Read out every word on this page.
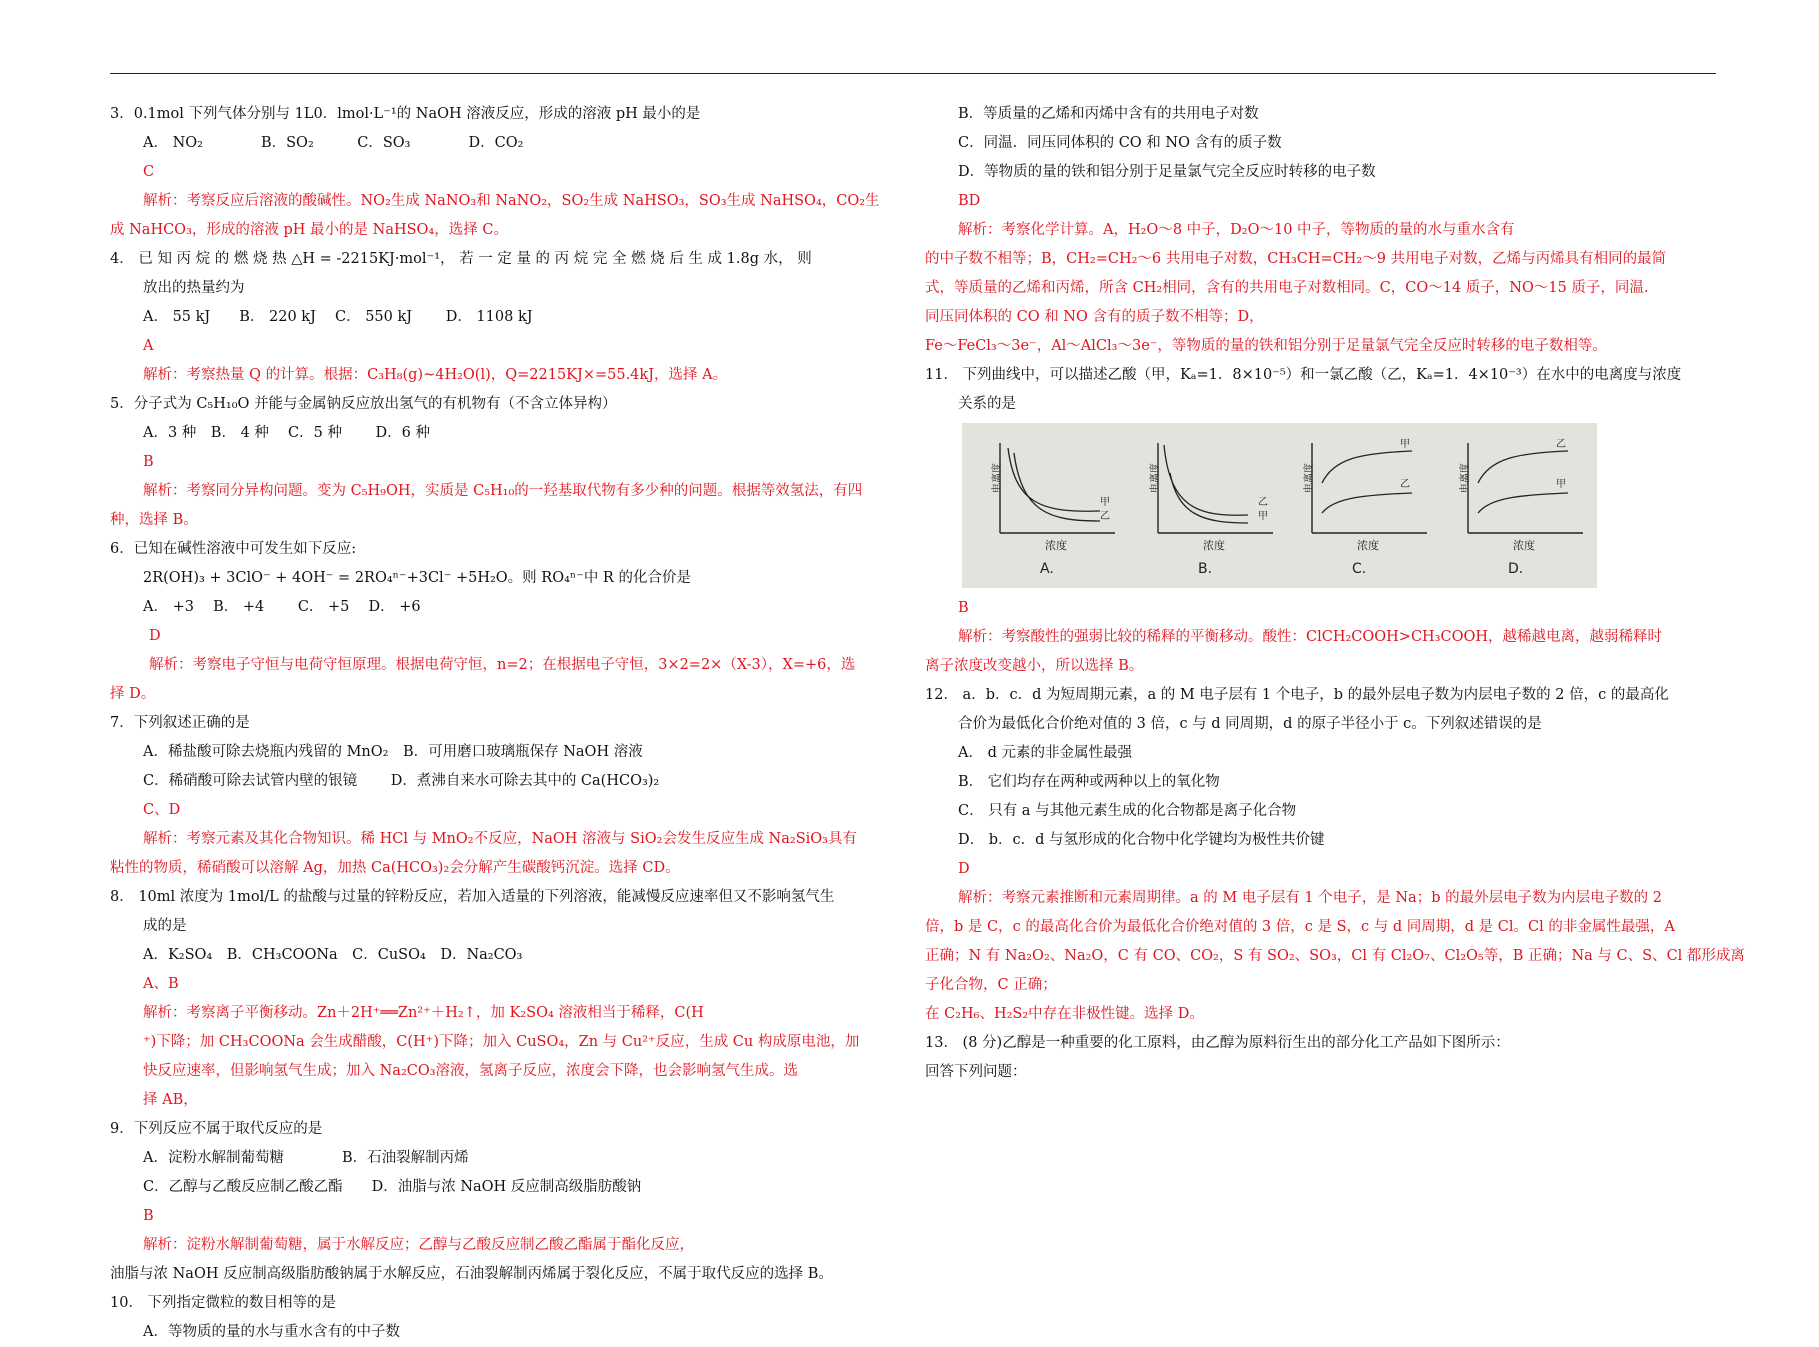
3．0.1mol 下列气体分别与 1L0．lmol·L⁻¹的 NaOH 溶液反应，形成的溶液 pH 最小的是
A． NO₂　　　　B．SO₂　　　C．SO₃　　　　D．CO₂
C
解析：考察反应后溶液的酸碱性。NO₂生成 NaNO₃和 NaNO₂，SO₂生成 NaHSO₃，SO₃生成 NaHSO₄，CO₂生
成 NaHCO₃，形成的溶液 pH 最小的是 NaHSO₄，选择 C。
4． 已 知 丙 烷 的 燃 烧 热 △H = -2215KJ·mol⁻¹， 若 一 定 量 的 丙 烷 完 全 燃 烧 后 生 成 1.8g 水， 则
放出的热量约为
A． 55 kJ　　B． 220 kJ　 C． 550 kJ　　 D． 1108 kJ
A
解析：考察热量 Q 的计算。根据：C₃H₈(g)~4H₂O(l)，Q=2215KJ×=55.4kJ，选择 A。
5．分子式为 C₅H₁₀O 并能与金属钠反应放出氢气的有机物有（不含立体异构）
A．3 种　B． 4 种　 C．5 种　　 D．6 种
B
解析：考察同分异构问题。变为 C₅H₉OH，实质是 C₅H₁₀的一羟基取代物有多少种的问题。根据等效氢法，有四
种，选择 B。
6．已知在碱性溶液中可发生如下反应:
2R(OH)₃ + 3ClO⁻ + 4OH⁻ = 2RO₄ⁿ⁻+3Cl⁻ +5H₂O。则 RO₄ⁿ⁻中 R 的化合价是
A． +3　 B． +4　　 C． +5　 D． +6
D
解析：考察电子守恒与电荷守恒原理。根据电荷守恒，n=2；在根据电子守恒，3×2=2×（X-3），X=+6，选
择 D。
7．下列叙述正确的是
A．稀盐酸可除去烧瓶内残留的 MnO₂　B．可用磨口玻璃瓶保存 NaOH 溶液
C．稀硝酸可除去试管内壁的银镜　　 D．煮沸自来水可除去其中的 Ca(HCO₃)₂
C、D
解析：考察元素及其化合物知识。稀 HCl 与 MnO₂不反应，NaOH 溶液与 SiO₂会发生反应生成 Na₂SiO₃具有
粘性的物质，稀硝酸可以溶解 Ag，加热 Ca(HCO₃)₂会分解产生碳酸钙沉淀。选择 CD。
8． 10ml 浓度为 1mol/L 的盐酸与过量的锌粉反应，若加入适量的下列溶液，能减慢反应速率但又不影响氢气生
成的是
A．K₂SO₄　B．CH₃COONa　C．CuSO₄　D．Na₂CO₃
A、B
解析：考察离子平衡移动。Zn＋2H⁺══Zn²⁺＋H₂↑，加 K₂SO₄ 溶液相当于稀释，C(H
⁺)下降；加 CH₃COONa 会生成醋酸，C(H⁺)下降；加入 CuSO₄，Zn 与 Cu²⁺反应，生成 Cu 构成原电池，加
快反应速率，但影响氢气生成；加入 Na₂CO₃溶液，氢离子反应，浓度会下降，也会影响氢气生成。选
择 AB，
9．下列反应不属于取代反应的是
A．淀粉水解制葡萄糖　　　　B．石油裂解制丙烯
C．乙醇与乙酸反应制乙酸乙酯　　D．油脂与浓 NaOH 反应制高级脂肪酸钠
B
解析：淀粉水解制葡萄糖，属于水解反应；乙醇与乙酸反应制乙酸乙酯属于酯化反应，
油脂与浓 NaOH 反应制高级脂肪酸钠属于水解反应，石油裂解制丙烯属于裂化反应，不属于取代反应的选择 B。
10． 下列指定微粒的数目相等的是
A．等物质的量的水与重水含有的中子数
B．等质量的乙烯和丙烯中含有的共用电子对数
C．同温．同压同体积的 CO 和 NO 含有的质子数
D．等物质的量的铁和铝分别于足量氯气完全反应时转移的电子数
BD
解析：考察化学计算。A，H₂O～8 中子，D₂O～10 中子，等物质的量的水与重水含有
的中子数不相等；B，CH₂=CH₂～6 共用电子对数，CH₃CH=CH₂～9 共用电子对数，乙烯与丙烯具有相同的最简
式，等质量的乙烯和丙烯，所含 CH₂相同，含有的共用电子对数相同。C，CO～14 质子，NO～15 质子，同温.
同压同体积的 CO 和 NO 含有的质子数不相等；D，
Fe～FeCl₃～3e⁻，Al～AlCl₃～3e⁻，等物质的量的铁和铝分别于足量氯气完全反应时转移的电子数相等。
11． 下列曲线中，可以描述乙酸（甲，Kₐ=1．8×10⁻⁵）和一氯乙酸（乙，Kₐ=1．4×10⁻³）在水中的电离度与浓度
关系的是
电离度
浓度
甲
乙
A.
电离度
浓度
乙
甲
B.
电离度
浓度
甲
乙
C.
电离度
浓度
乙
甲
D.
B
解析：考察酸性的强弱比较的稀释的平衡移动。酸性：ClCH₂COOH>CH₃COOH，越稀越电离，越弱稀释时
离子浓度改变越小，所以选择 B。
12． a．b．c．d 为短周期元素，a 的 M 电子层有 1 个电子，b 的最外层电子数为内层电子数的 2 倍，c 的最高化
合价为最低化合价绝对值的 3 倍，c 与 d 同周期，d 的原子半径小于 c。下列叙述错误的是
A． d 元素的非金属性最强
B． 它们均存在两种或两种以上的氧化物
C． 只有 a 与其他元素生成的化合物都是离子化合物
D． b．c．d 与氢形成的化合物中化学键均为极性共价键
D
解析：考察元素推断和元素周期律。a 的 M 电子层有 1 个电子，是 Na；b 的最外层电子数为内层电子数的 2
倍，b 是 C，c 的最高化合价为最低化合价绝对值的 3 倍，c 是 S，c 与 d 同周期，d 是 Cl。Cl 的非金属性最强，A
正确；N 有 Na₂O₂、Na₂O，C 有 CO、CO₂，S 有 SO₂、SO₃，Cl 有 Cl₂O₇、Cl₂O₅等，B 正确；Na 与 C、S、Cl 都形成离
子化合物，C 正确；
在 C₂H₆、H₂S₂中存在非极性键。选择 D。
13． (8 分)乙醇是一种重要的化工原料，由乙醇为原料衍生出的部分化工产品如下图所示：
回答下列问题：
